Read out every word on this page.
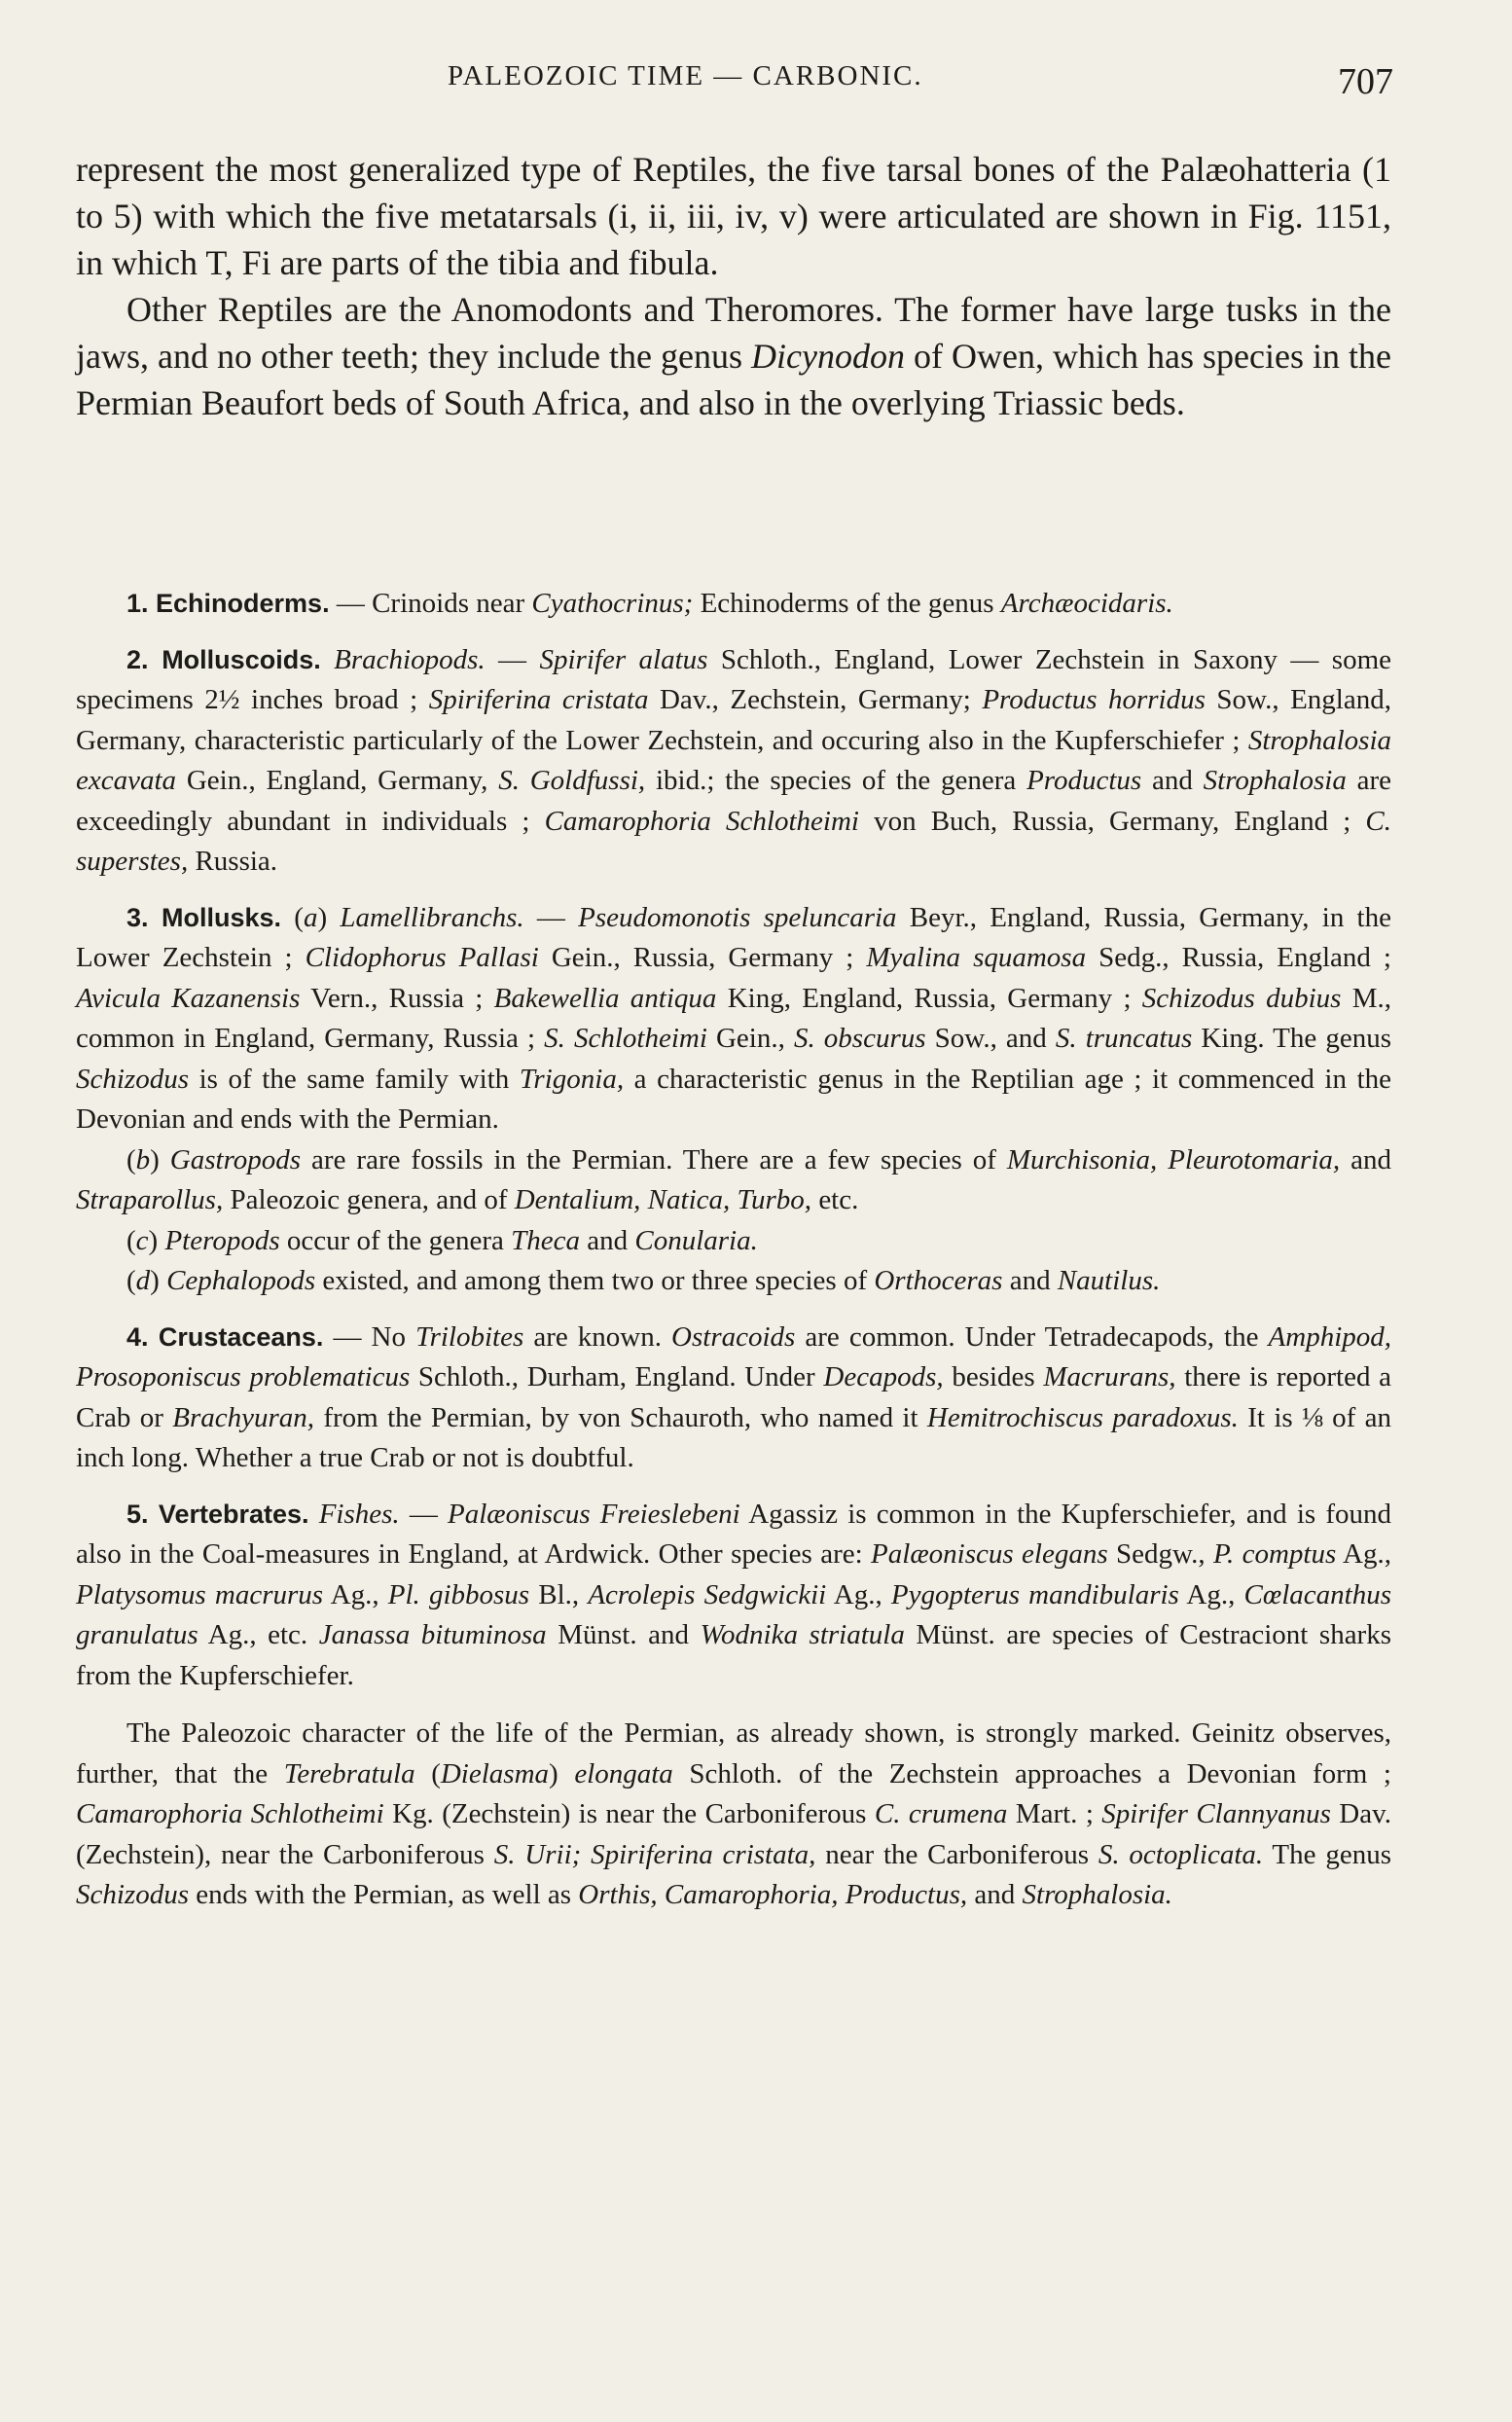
PALEOZOIC TIME — CARBONIC.	707

represent the most generalized type of Reptiles, the five tarsal bones of the Palæohatteria (1 to 5) with which the five metatarsals (i, ii, iii, iv, v) were articulated are shown in Fig. 1151, in which T, Fi are parts of the tibia and fibula.

Other Reptiles are the Anomodonts and Theromores. The former have large tusks in the jaws, and no other teeth; they include the genus Dicynodon of Owen, which has species in the Permian Beaufort beds of South Africa, and also in the overlying Triassic beds.

1. Echinoderms. — Crinoids near Cyathocrinus; Echinoderms of the genus Archæocidaris.

2. Molluscoids. Brachiopods. — Spirifer alatus Schloth., England, Lower Zechstein in Saxony — some specimens 2½ inches broad ; Spiriferina cristata Dav., Zechstein, Germany; Productus horridus Sow., England, Germany, characteristic particularly of the Lower Zechstein, and occuring also in the Kupferschiefer ; Strophalosia excavata Gein., England, Germany, S. Goldfussi, ibid.; the species of the genera Productus and Strophalosia are exceedingly abundant in individuals ; Camarophoria Schlotheimi von Buch, Russia, Germany, England ; C. superstes, Russia.

3. Mollusks. (a) Lamellibranchs. — Pseudomonotis speluncaria Beyr., England, Russia, Germany, in the Lower Zechstein ; Clidophorus Pallasi Gein., Russia, Germany ; Myalina squamosa Sedg., Russia, England ; Avicula Kazanensis Vern., Russia ; Bakewellia antiqua King, England, Russia, Germany ; Schizodus dubius M., common in England, Germany, Russia ; S. Schlotheimi Gein., S. obscurus Sow., and S. truncatus King. The genus Schizodus is of the same family with Trigonia, a characteristic genus in the Reptilian age ; it commenced in the Devonian and ends with the Permian.

(b) Gastropods are rare fossils in the Permian. There are a few species of Murchisonia, Pleurotomaria, and Straparollus, Paleozoic genera, and of Dentalium, Natica, Turbo, etc.

(c) Pteropods occur of the genera Theca and Conularia.

(d) Cephalopods existed, and among them two or three species of Orthoceras and Nautilus.

4. Crustaceans. — No Trilobites are known. Ostracoids are common. Under Tetradecapods, the Amphipod, Prosoponiscus problematicus Schloth., Durham, England. Under Decapods, besides Macrurans, there is reported a Crab or Brachyuran, from the Permian, by von Schauroth, who named it Hemitrochiscus paradoxus. It is ⅛ of an inch long. Whether a true Crab or not is doubtful.

5. Vertebrates. Fishes. — Palæoniscus Freieslebeni Agassiz is common in the Kupferschiefer, and is found also in the Coal-measures in England, at Ardwick. Other species are: Palæoniscus elegans Sedgw., P. comptus Ag., Platysomus macrurus Ag., Pl. gibbosus Bl., Acrolepis Sedgwickii Ag., Pygopterus mandibularis Ag., Cœlacanthus granulatus Ag., etc. Janassa bituminosa Münst. and Wodnika striatula Münst. are species of Cestraciont sharks from the Kupferschiefer.

The Paleozoic character of the life of the Permian, as already shown, is strongly marked. Geinitz observes, further, that the Terebratula (Dielasma) elongata Schloth. of the Zechstein approaches a Devonian form ; Camarophoria Schlotheimi Kg. (Zechstein) is near the Carboniferous C. crumena Mart. ; Spirifer Clannyanus Dav. (Zechstein), near the Carboniferous S. Urii; Spiriferina cristata, near the Carboniferous S. octoplicata. The genus Schizodus ends with the Permian, as well as Orthis, Camarophoria, Productus, and Strophalosia.
